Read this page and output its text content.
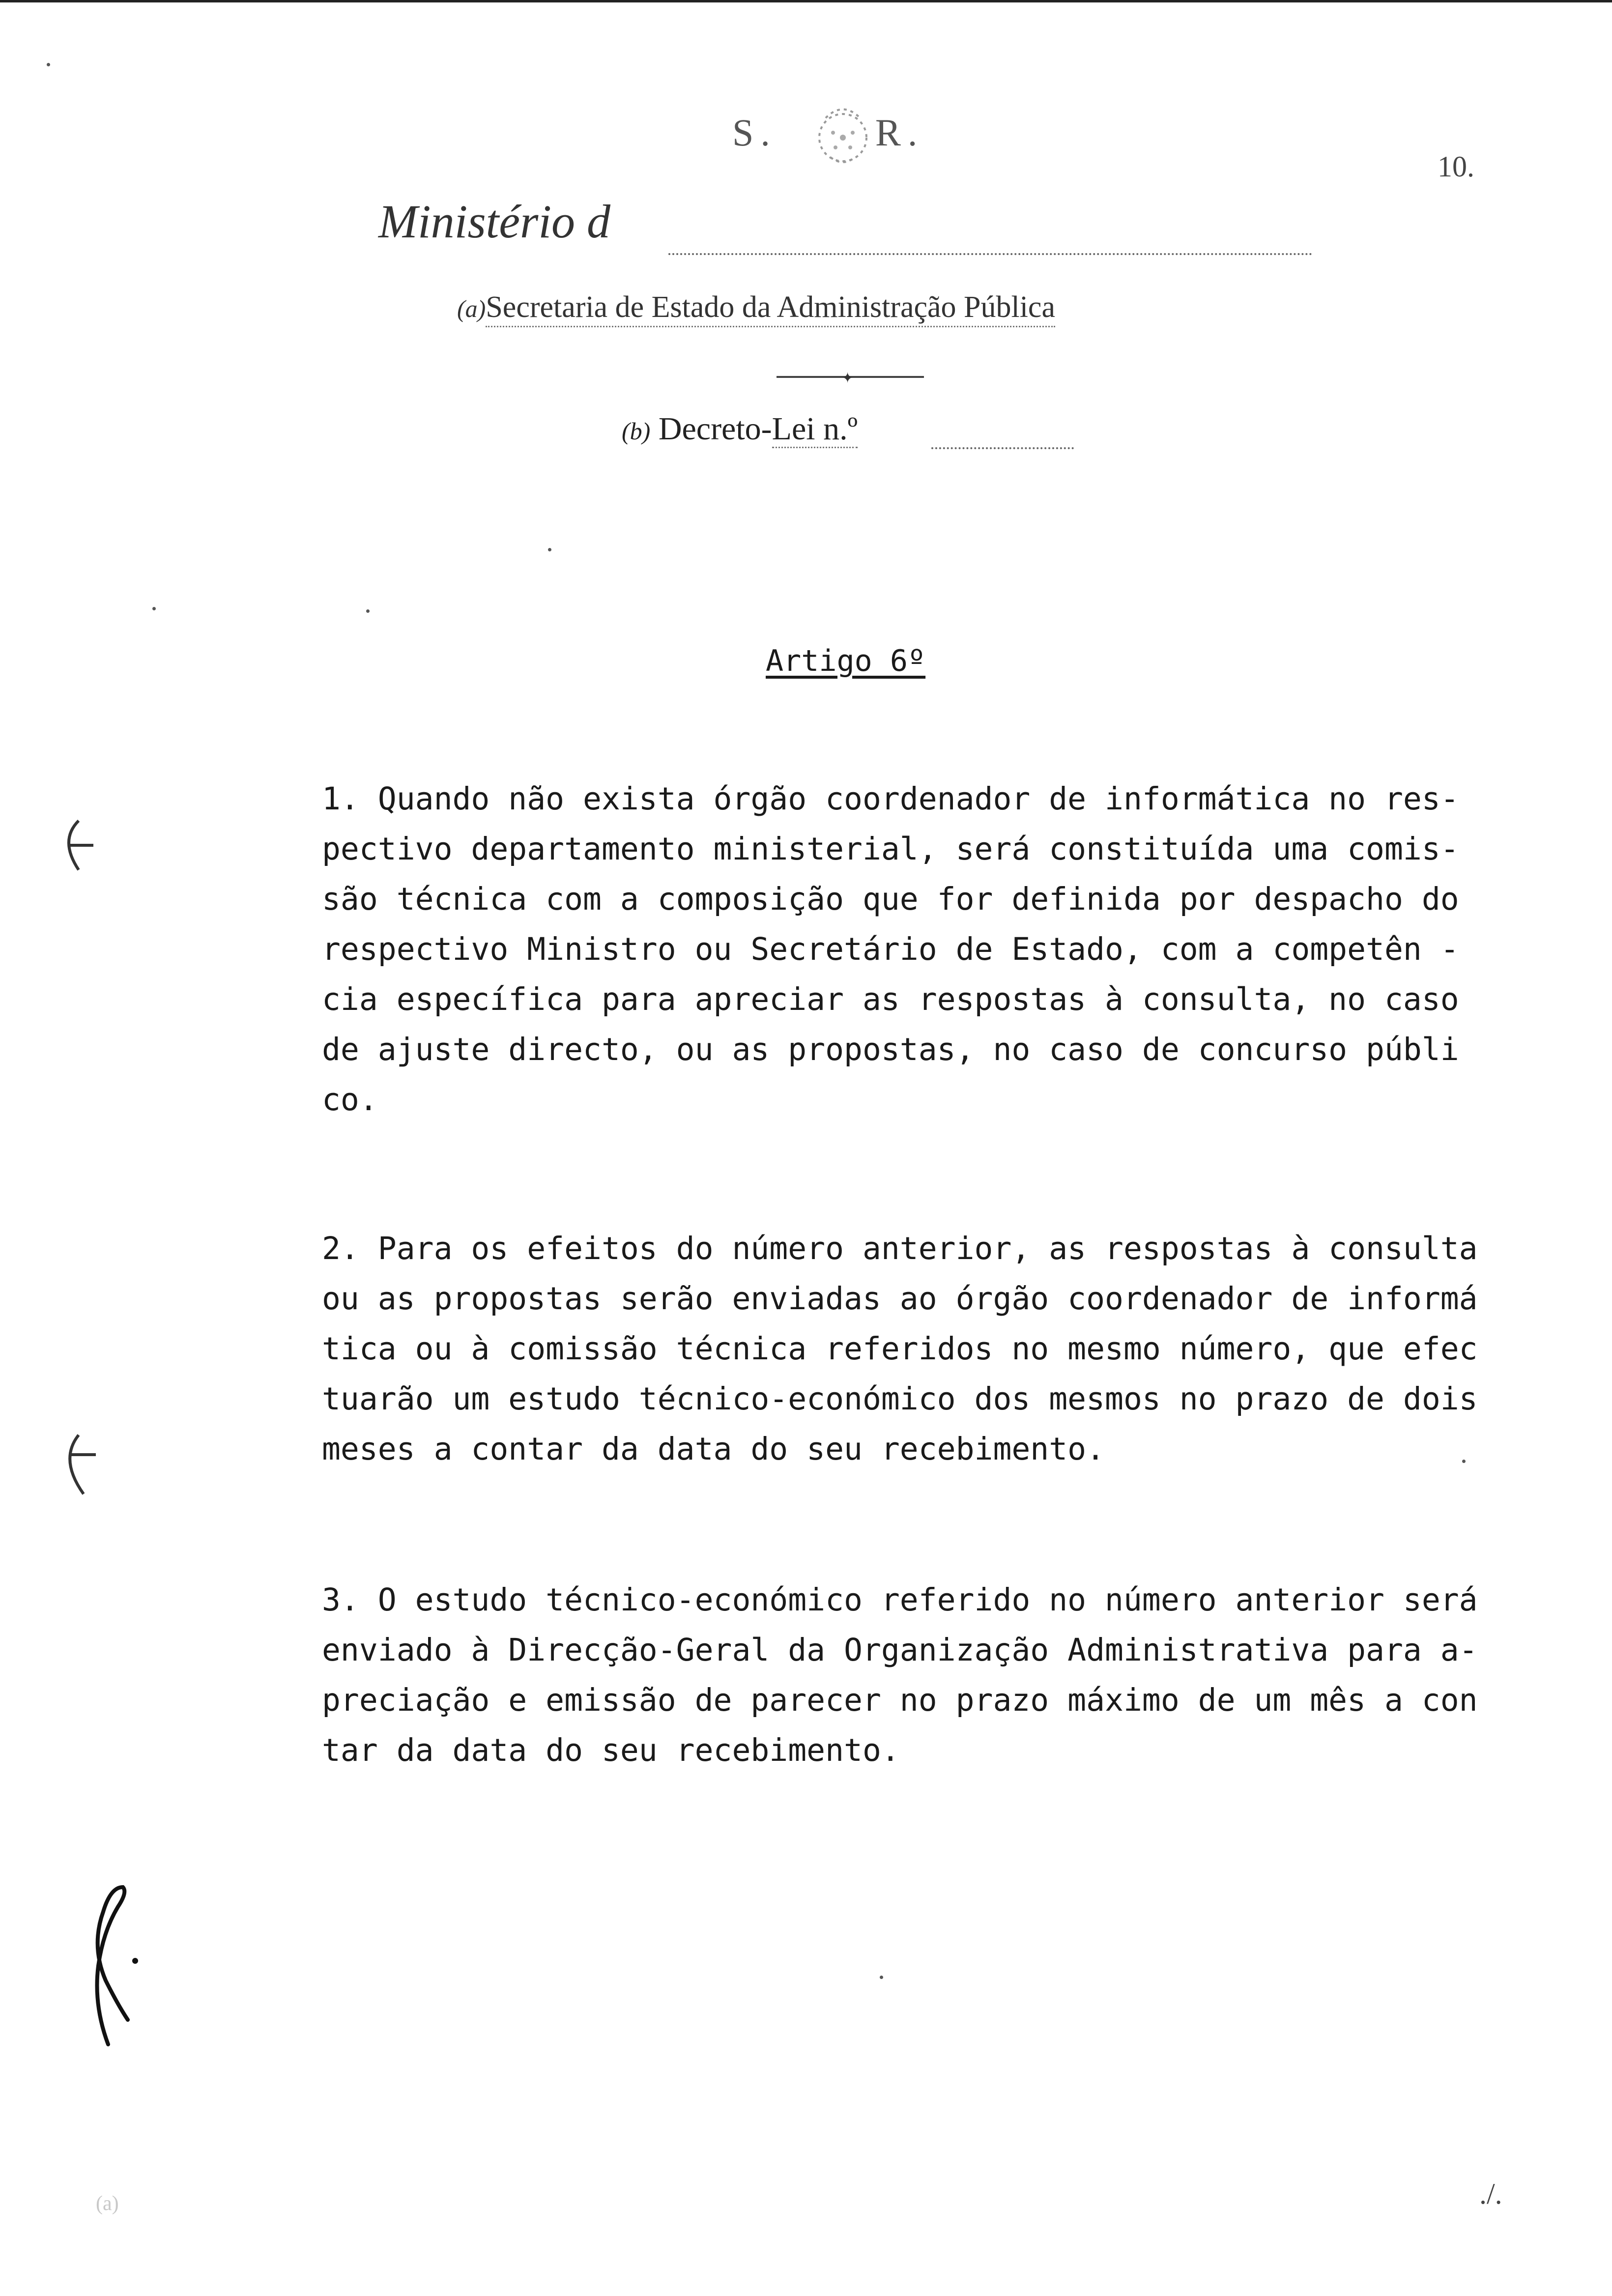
S.	R.
10.
Ministério d
(a)Secretaria de Estado da Administração Pública
✦
(b) Decreto-Lei n.º
Artigo 6º
1. Quando não exista órgão coordenador de informática no res-
pectivo departamento ministerial, será constituída uma comis-
são técnica com a composição que for definida por despacho do
respectivo Ministro ou Secretário de Estado, com a competên -
cia específica para apreciar as respostas à consulta, no caso
de ajuste directo, ou as propostas, no caso de concurso públi
co.
2. Para os efeitos do número anterior, as respostas à consulta
ou as propostas serão enviadas ao órgão coordenador de informá
tica ou à comissão técnica referidos no mesmo número, que efec
tuarão um estudo técnico-económico dos mesmos no prazo de dois
meses a contar da data do seu recebimento.
3. O estudo técnico-económico referido no número anterior será
enviado à Direcção-Geral da Organização Administrativa para a-
preciação e emissão de parecer no prazo máximo de um mês a con
tar da data do seu recebimento.
(a)	./.
